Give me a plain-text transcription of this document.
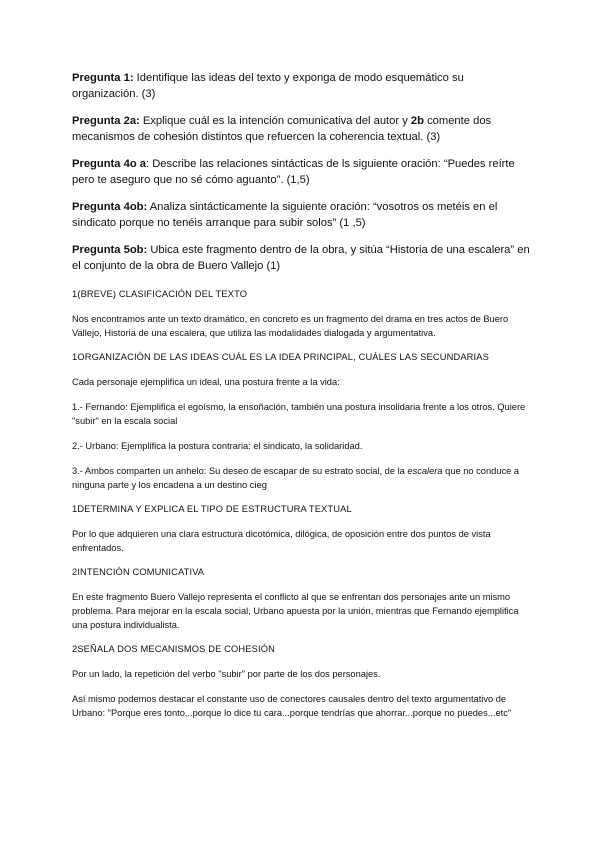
Pregunta 1: Identifique las ideas del texto y exponga de modo esquemático su organización. (3)
Pregunta 2a: Explique cuál es la intención comunicativa del autor y 2b comente dos mecanismos de cohesión distintos que refuercen la coherencia textual. (3)
Pregunta 4o a: Describe las relaciones sintácticas de ls siguiente oración: “Puedes reírte pero te aseguro que no sé cómo aguanto”. (1,5)
Pregunta 4ob: Analiza sintácticamente la siguiente oración: “vosotros os metéis en el sindicato porque no tenéis arranque para subir solos” (1 ,5)
Pregunta 5ob: Ubica este fragmento dentro de la obra, y sitúa “Historia de una escalera” en el conjunto de la obra de Buero Vallejo (1)
1(BREVE) CLASIFICACIÓN DEL TEXTO
Nos encontramos ante un texto dramático, en concreto es un fragmento del drama en tres actos de Buero Vallejo, Historia de una escalera, que utiliza las modalidades dialogada y argumentativa.
1ORGANIZACIÓN DE LAS IDEAS CUÁL ES LA IDEA PRINCIPAL, CUÁLES LAS SECUNDARIAS
Cada personaje ejemplifica un ideal, una postura frente a la vida:
1.- Fernando: Ejemplifica el egoísmo, la ensoñación, también una postura insolidaria frente a los otros. Quiere "subir" en la escala social
2.- Urbano: Ejemplifica la postura contraria: el sindicato, la solidaridad.
3.- Ambos comparten un anhelo: Su deseo de escapar de su estrato social, de la escalera que no conduce a ninguna parte y los encadena a un destino cieg
1DETERMINA Y EXPLICA EL TIPO DE ESTRUCTURA TEXTUAL
Por lo que adquieren una clara estructura dicotómica, dilógica, de oposición entre dos puntos de vista enfrentados.
2INTENCIÓN COMUNICATIVA
En este fragmento Buero Vallejo representa el conflicto al que se enfrentan dos personajes ante un mismo problema. Para mejorar en la escala social, Urbano apuesta por la unión, mientras que Fernando ejemplifica una postura individualista.
2SEÑALA DOS MECANISMOS DE COHESIÓN
Por un lado, la repetición del verbo "subir" por parte de los dos personajes.
Así mismo podemos destacar el constante uso de conectores causales dentro del texto argumentativo de Urbano: "Porque eres tonto...porque lo dice tu cara...porque tendrías que ahorrar...porque no puedes...etc"
